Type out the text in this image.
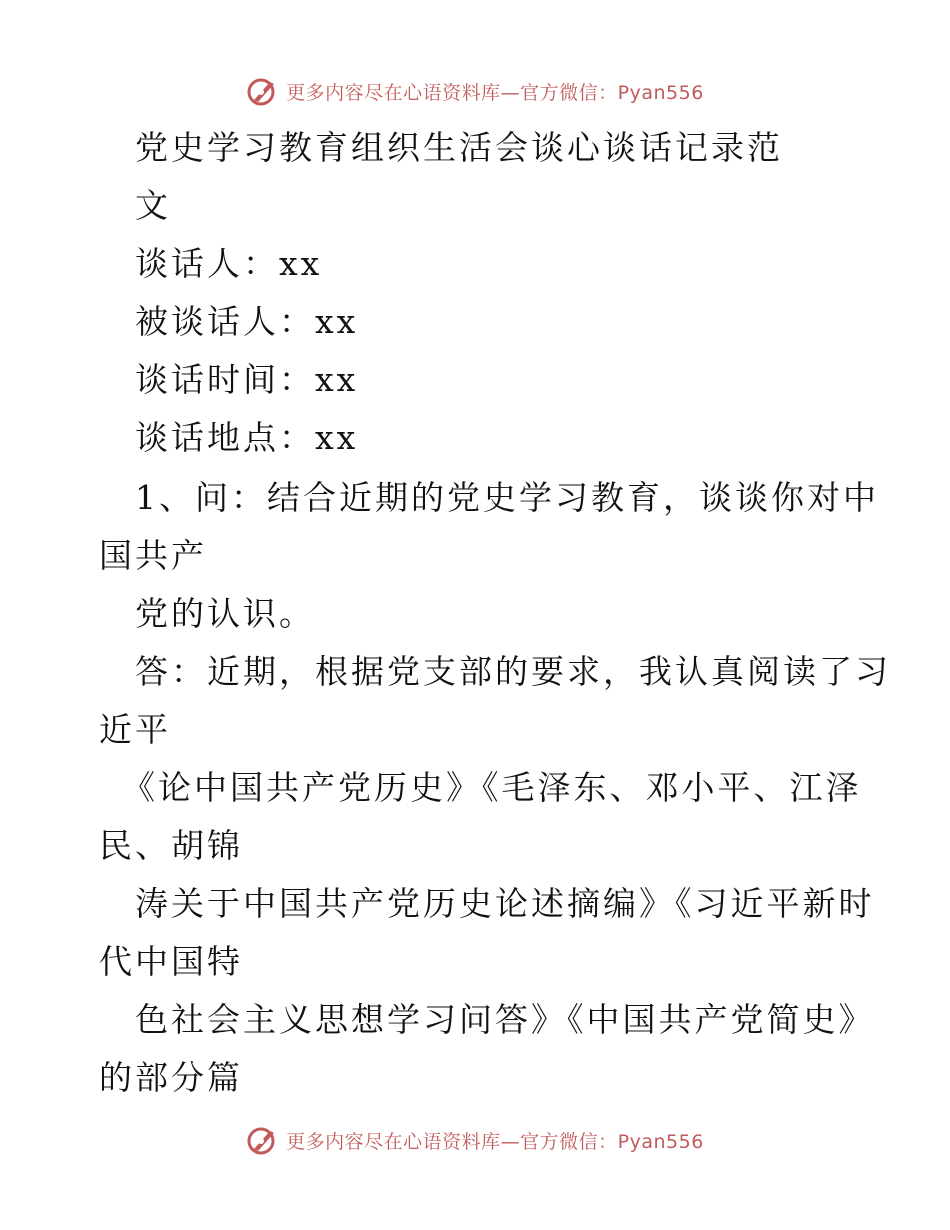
更多内容尽在心语资料库—官方微信：Pyan556
党史学习教育组织生活会谈心谈话记录范
文
谈话人：xx
被谈话人：xx
谈话时间：xx
谈话地点：xx
1、问：结合近期的党史学习教育，谈谈你对中
国共产
党的认识。
答：近期，根据党支部的要求，我认真阅读了习
近平
《论中国共产党历史》《毛泽东、邓小平、江泽
民、胡锦
涛关于中国共产党历史论述摘编》《习近平新时
代中国特
色社会主义思想学习问答》《中国共产党简史》
的部分篇
更多内容尽在心语资料库—官方微信：Pyan556
